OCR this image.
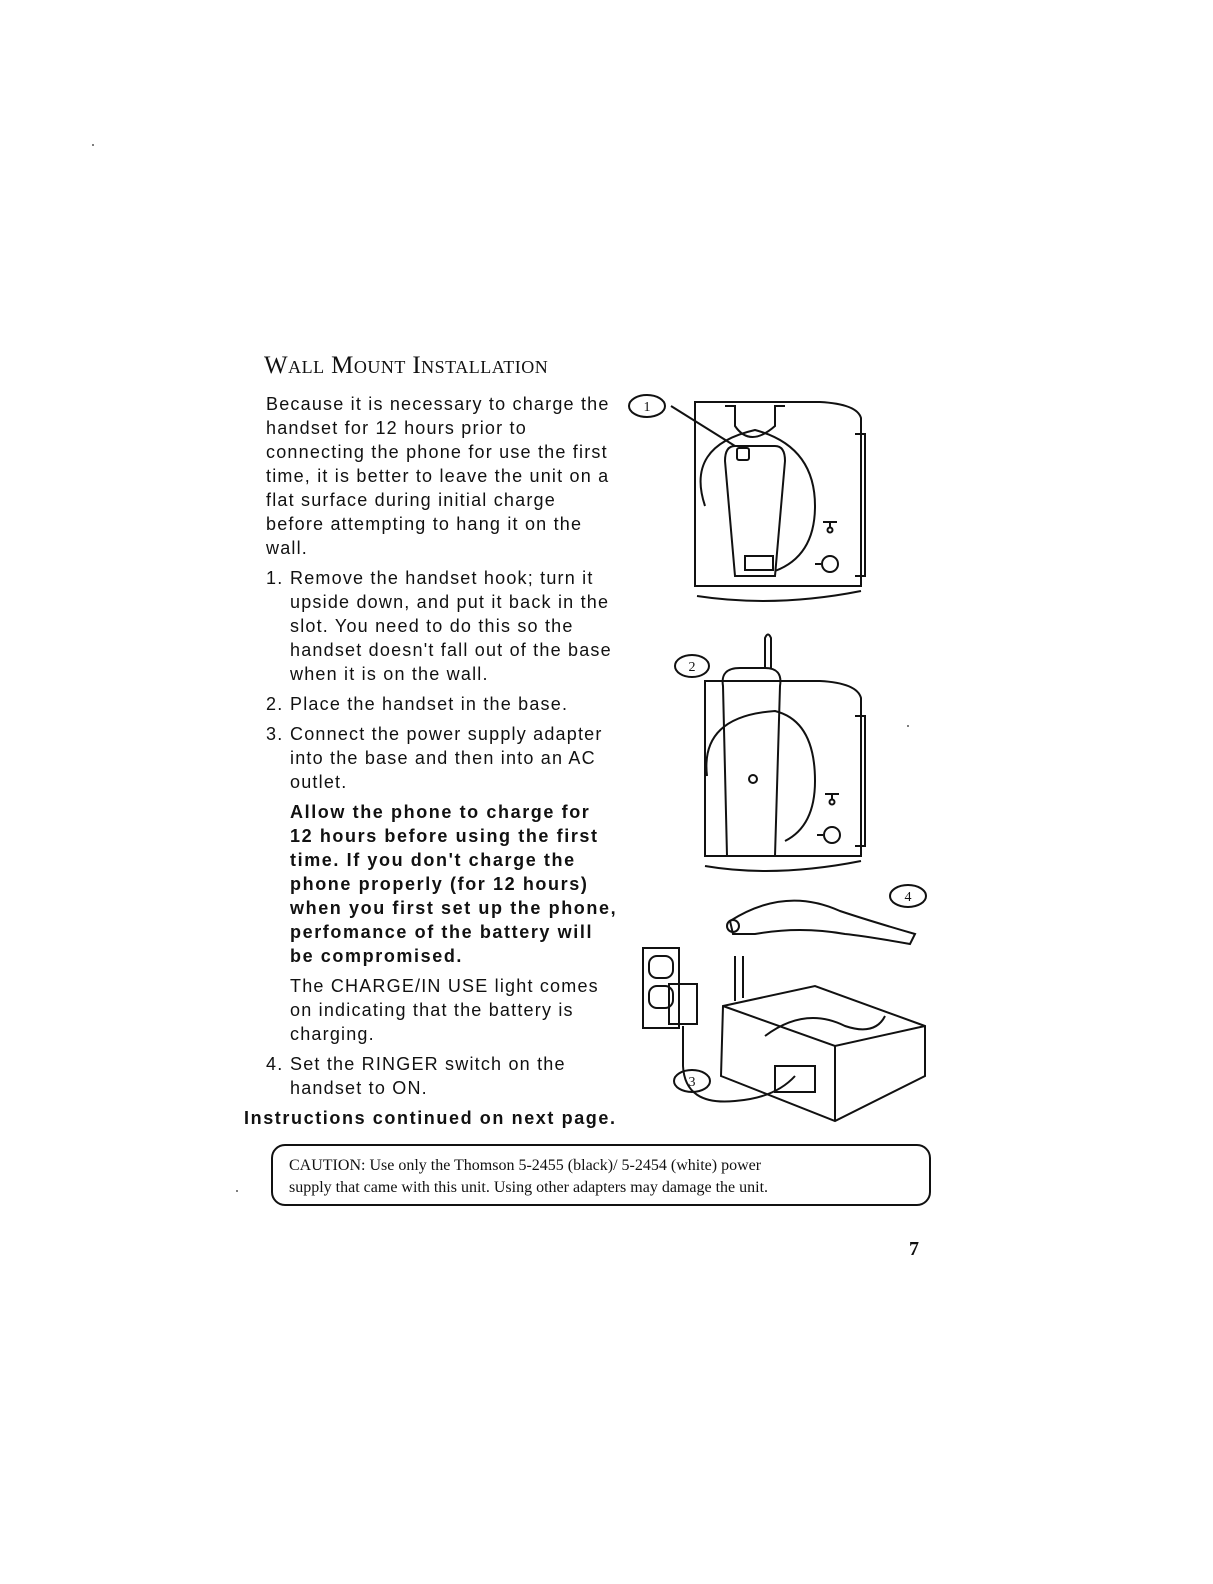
WALL MOUNT INSTALLATION

Because it is necessary to charge the handset for 12 hours prior to connecting the phone for use the first time, it is better to leave the unit on a flat surface during initial charge before attempting to hang it on the wall.

1. Remove the handset hook; turn it upside down, and put it back in the slot. You need to do this so the handset doesn't fall out of the base when it is on the wall.
2. Place the handset in the base.
3. Connect the power supply adapter into the base and then into an AC outlet.
Allow the phone to charge for 12 hours before using the first time. If you don't charge the phone properly (for 12 hours) when you first set up the phone, perfomance of the battery will be compromised.
The CHARGE/IN USE light comes on indicating that the battery is charging.
4. Set the RINGER switch on the handset to ON.
Instructions continued on next page.
1
2
4
3
CAUTION: Use only the Thomson 5-2455 (black)/ 5-2454 (white) power
supply that came with this unit. Using other adapters may damage the unit.
7
